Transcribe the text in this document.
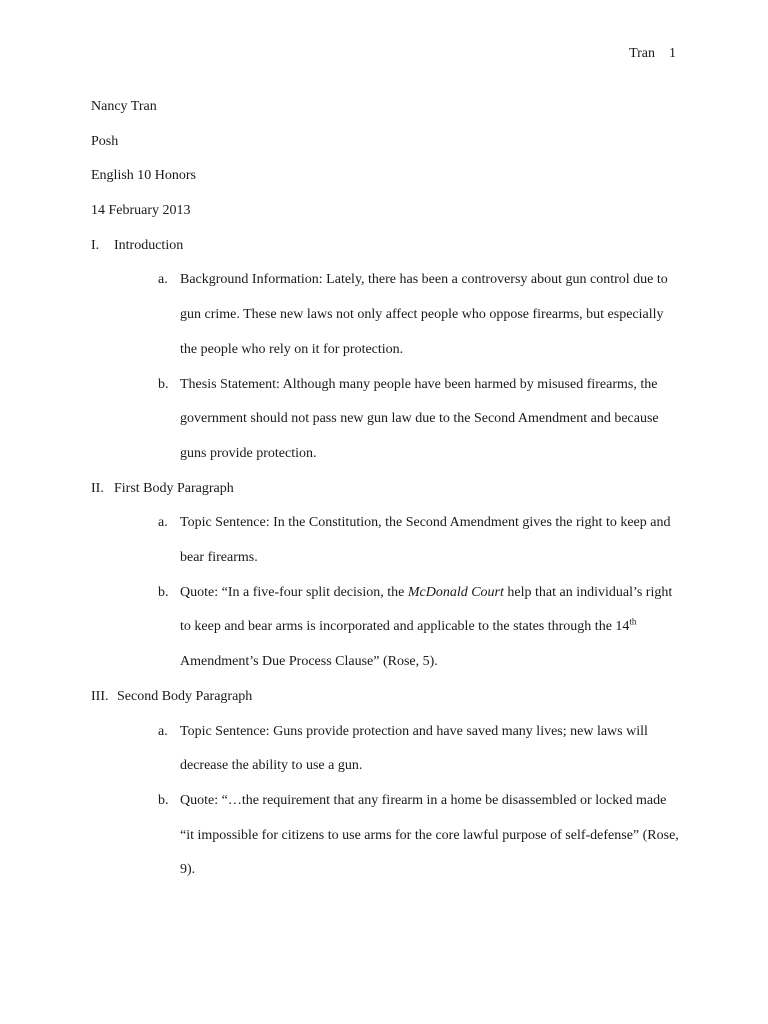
Tran 1
Nancy Tran
Posh
English 10 Honors
14 February 2013
I.	Introduction
a. Background Information: Lately, there has been a controversy about gun control due to gun crime. These new laws not only affect people who oppose firearms, but especially the people who rely on it for protection.
b. Thesis Statement: Although many people have been harmed by misused firearms, the government should not pass new gun law due to the Second Amendment and because guns provide protection.
II. First Body Paragraph
a. Topic Sentence: In the Constitution, the Second Amendment gives the right to keep and bear firearms.
b. Quote: “In a five-four split decision, the McDonald Court help that an individual’s right to keep and bear arms is incorporated and applicable to the states through the 14th Amendment’s Due Process Clause” (Rose, 5).
III. Second Body Paragraph
a. Topic Sentence: Guns provide protection and have saved many lives; new laws will decrease the ability to use a gun.
b. Quote: “…the requirement that any firearm in a home be disassembled or locked made “it impossible for citizens to use arms for the core lawful purpose of self-defense” (Rose, 9).
